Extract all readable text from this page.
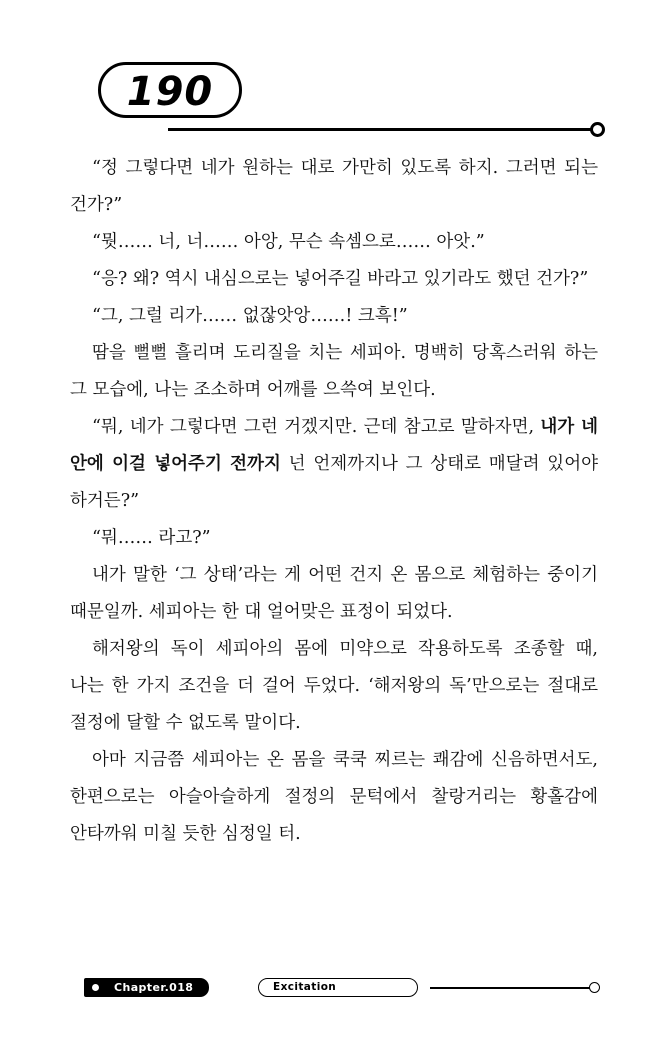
190

“정 그렇다면 네가 원하는 대로 가만히 있도록 하지. 그러면 되는 건가?”

“뭣…… 너, 너…… 아앙, 무슨 속셈으로…… 아앗.”

“응? 왜? 역시 내심으로는 넣어주길 바라고 있기라도 했던 건가?”

“그, 그럴 리가…… 없잖앗앙……! 크흑!”

땀을 뻘뻘 흘리며 도리질을 치는 세피아. 명백히 당혹스러워 하는 그 모습에, 나는 조소하며 어깨를 으쓱여 보인다.

“뭐, 네가 그렇다면 그런 거겠지만. 근데 참고로 말하자면, 내가 네 안에 이걸 넣어주기 전까지 넌 언제까지나 그 상태로 매달려 있어야 하거든?”

“뭐…… 라고?”

내가 말한 ‘그 상태’라는 게 어떤 건지 온 몸으로 체험하는 중이기 때문일까. 세피아는 한 대 얼어맞은 표정이 되었다.

해저왕의 독이 세피아의 몸에 미약으로 작용하도록 조종할 때, 나는 한 가지 조건을 더 걸어 두었다. ‘해저왕의 독’만으로는 절대로 절정에 달할 수 없도록 말이다.

아마 지금쯤 세피아는 온 몸을 쿡쿡 찌르는 쾌감에 신음하면서도, 한편으로는 아슬아슬하게 절정의 문턱에서 찰랑거리는 황홀감에 안타까워 미칠 듯한 심정일 터.

Chapter.018	Excitation
